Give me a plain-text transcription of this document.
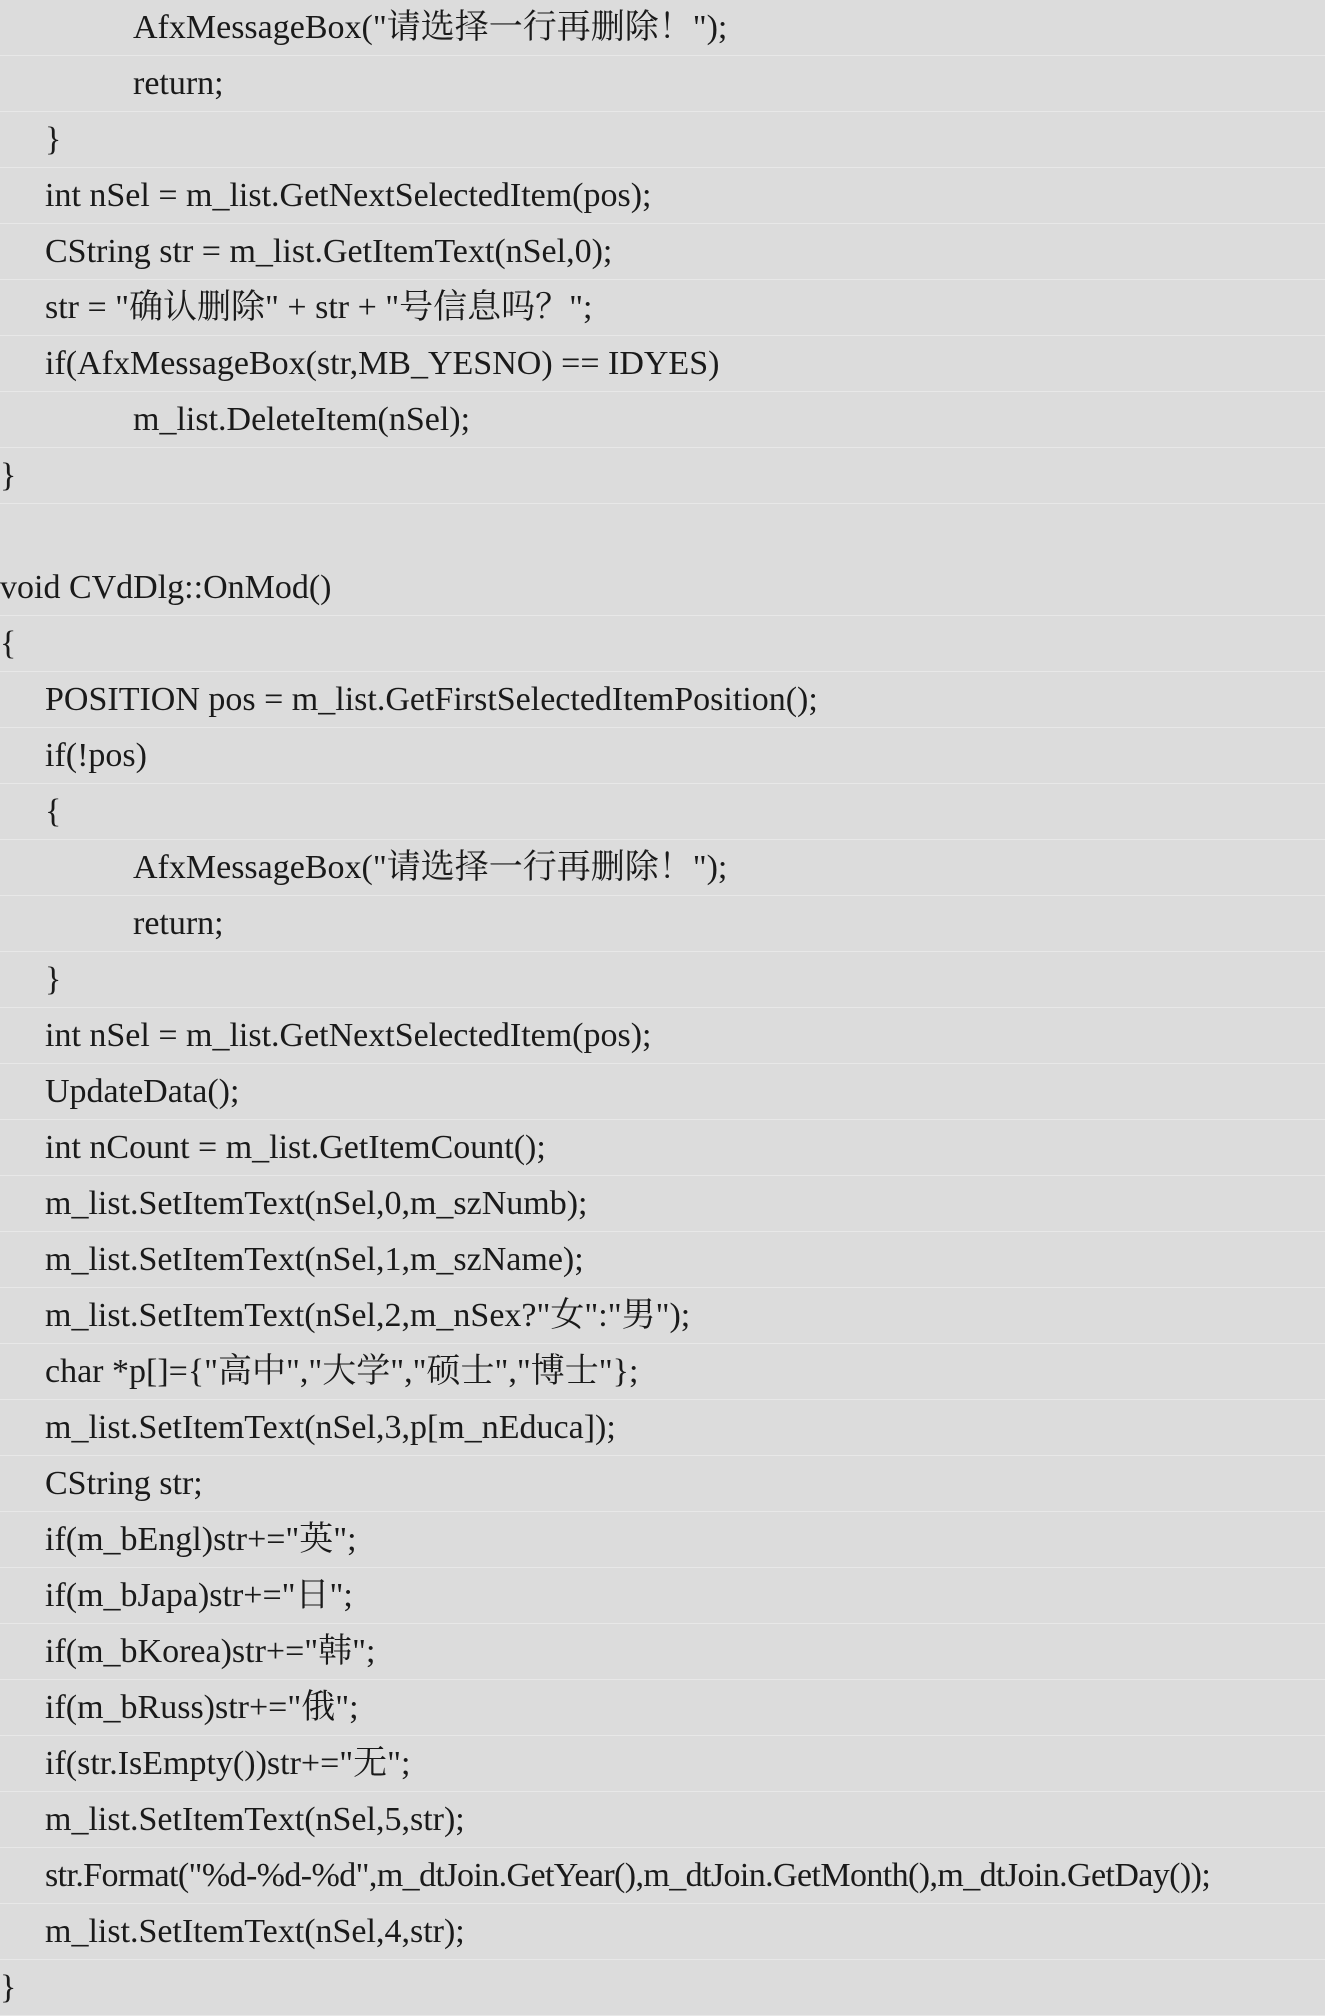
AfxMessageBox("请选择一行再删除！");
return;
}
int nSel = m_list.GetNextSelectedItem(pos);
CString str = m_list.GetItemText(nSel,0);
str = "确认删除" + str + "号信息吗？";
if(AfxMessageBox(str,MB_YESNO) == IDYES)
m_list.DeleteItem(nSel);
}
void CVdDlg::OnMod()
{
POSITION pos = m_list.GetFirstSelectedItemPosition();
if(!pos)
{
AfxMessageBox("请选择一行再删除！");
return;
}
int nSel = m_list.GetNextSelectedItem(pos);
UpdateData();
int nCount = m_list.GetItemCount();
m_list.SetItemText(nSel,0,m_szNumb);
m_list.SetItemText(nSel,1,m_szName);
m_list.SetItemText(nSel,2,m_nSex?"女":"男");
char *p[]={"高中","大学","硕士","博士"};
m_list.SetItemText(nSel,3,p[m_nEduca]);
CString str;
if(m_bEngl)str+="英";
if(m_bJapa)str+="日";
if(m_bKorea)str+="韩";
if(m_bRuss)str+="俄";
if(str.IsEmpty())str+="无";
m_list.SetItemText(nSel,5,str);
str.Format("%d-%d-%d",m_dtJoin.GetYear(),m_dtJoin.GetMonth(),m_dtJoin.GetDay());
m_list.SetItemText(nSel,4,str);
}
